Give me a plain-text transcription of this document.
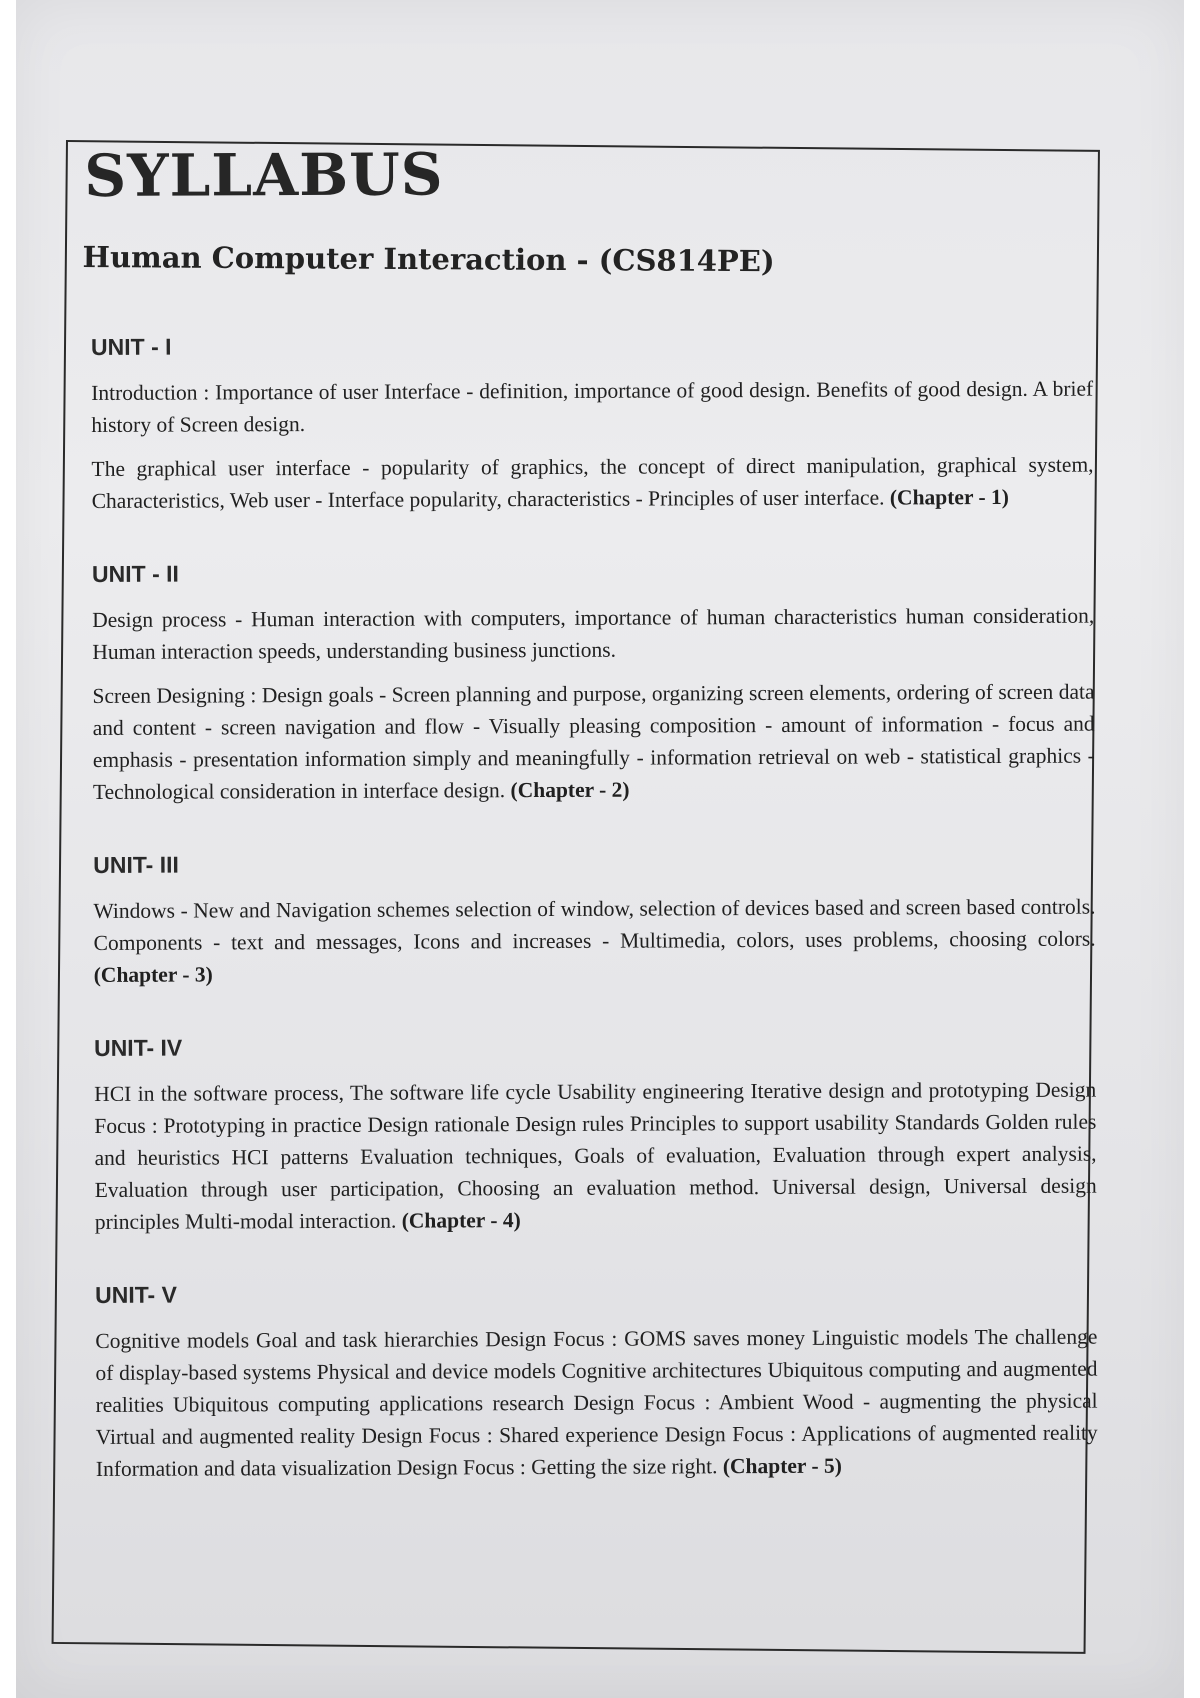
SYLLABUS
Human Computer Interaction - (CS814PE)
UNIT - I
Introduction : Importance of user Interface - definition, importance of good design. Benefits of good design. A brief history of Screen design.
The graphical user interface - popularity of graphics, the concept of direct manipulation, graphical system, Characteristics, Web user - Interface popularity, characteristics - Principles of user interface. (Chapter - 1)
UNIT - II
Design process - Human interaction with computers, importance of human characteristics human consideration, Human interaction speeds, understanding business junctions.
Screen Designing : Design goals - Screen planning and purpose, organizing screen elements, ordering of screen data and content - screen navigation and flow - Visually pleasing composition - amount of information - focus and emphasis - presentation information simply and meaningfully - information retrieval on web - statistical graphics - Technological consideration in interface design. (Chapter - 2)
UNIT- III
Windows - New and Navigation schemes selection of window, selection of devices based and screen based controls. Components - text and messages, Icons and increases - Multimedia, colors, uses problems, choosing colors. (Chapter - 3)
UNIT- IV
HCI in the software process, The software life cycle Usability engineering Iterative design and prototyping Design Focus : Prototyping in practice Design rationale Design rules Principles to support usability Standards Golden rules and heuristics HCI patterns Evaluation techniques, Goals of evaluation, Evaluation through expert analysis, Evaluation through user participation, Choosing an evaluation method. Universal design, Universal design principles Multi-modal interaction. (Chapter - 4)
UNIT- V
Cognitive models Goal and task hierarchies Design Focus : GOMS saves money Linguistic models The challenge of display-based systems Physical and device models Cognitive architectures Ubiquitous computing and augmented realities Ubiquitous computing applications research Design Focus : Ambient Wood - augmenting the physical Virtual and augmented reality Design Focus : Shared experience Design Focus : Applications of augmented reality Information and data visualization Design Focus : Getting the size right. (Chapter - 5)
